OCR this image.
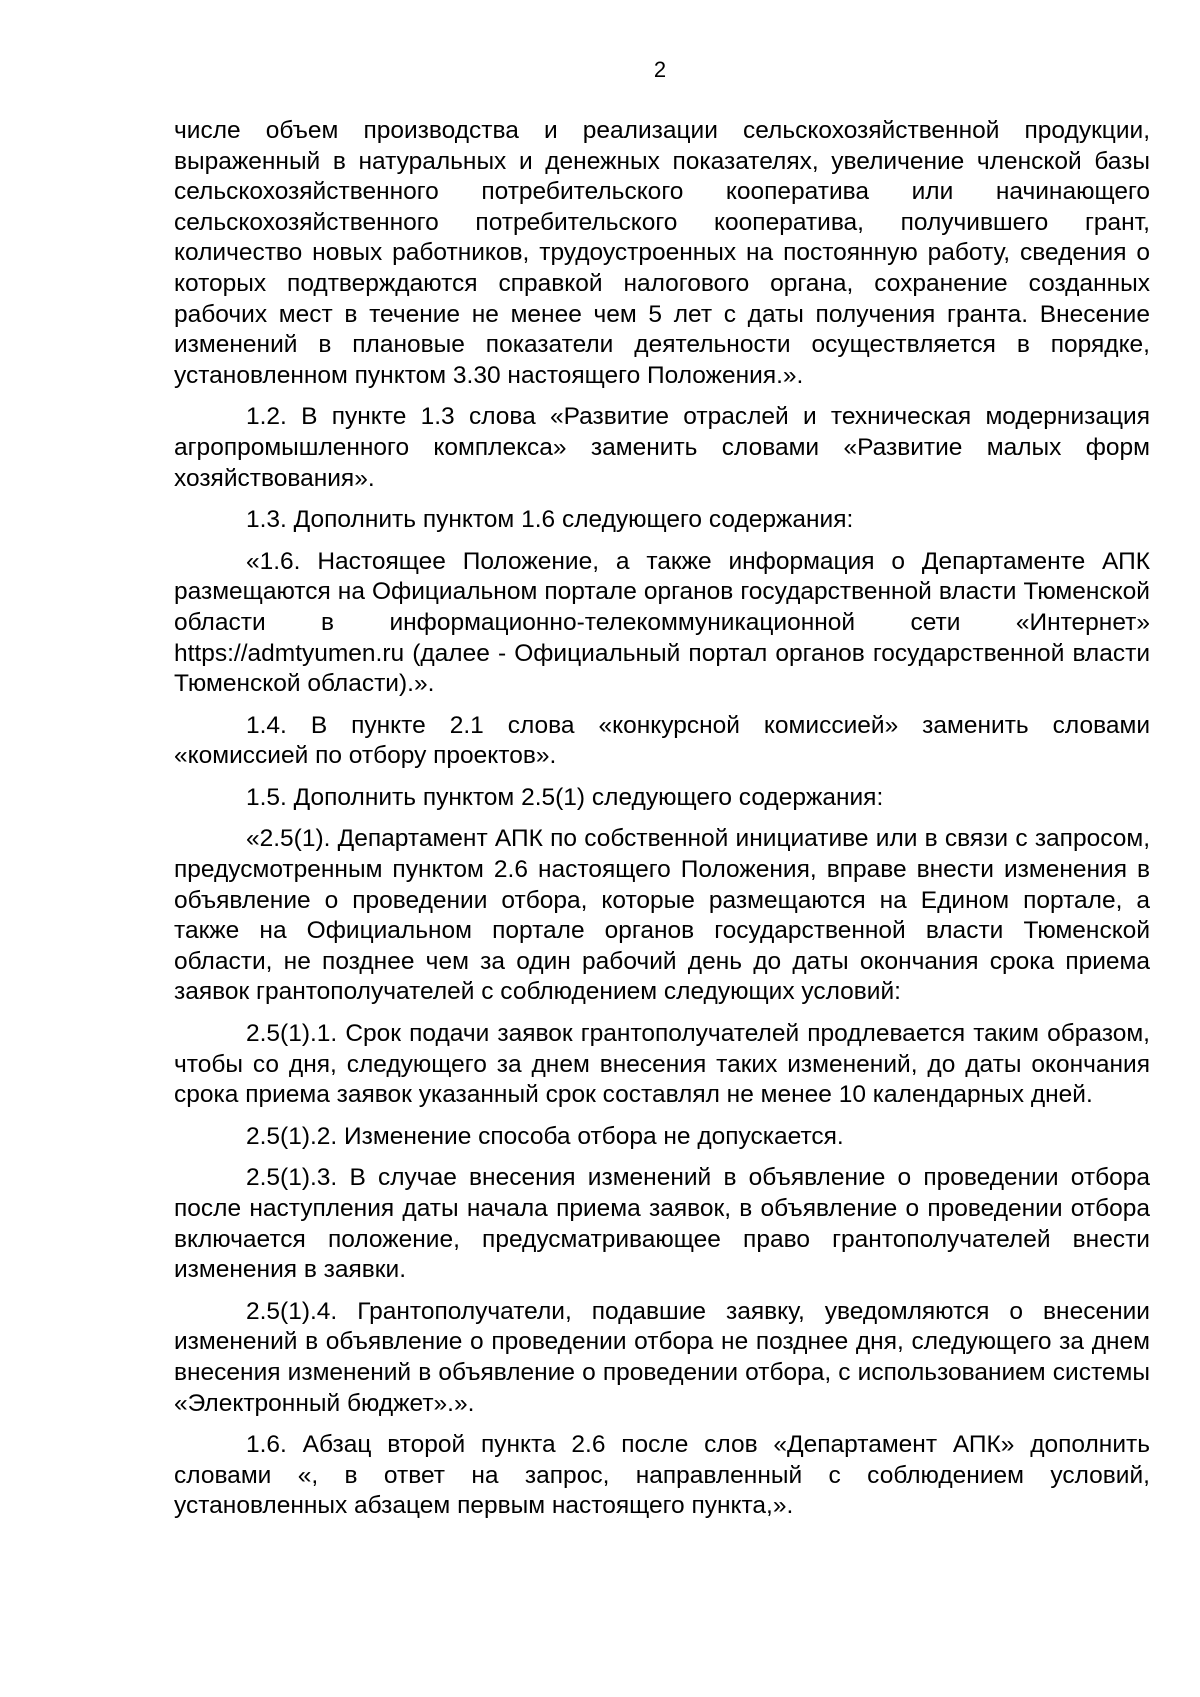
2

числе объем производства и реализации сельскохозяйственной продукции, выраженный в натуральных и денежных показателях, увеличение членской базы сельскохозяйственного потребительского кооператива или начинающего сельскохозяйственного потребительского кооператива, получившего грант, количество новых работников, трудоустроенных на постоянную работу, сведения о которых подтверждаются справкой налогового органа, сохранение созданных рабочих мест в течение не менее чем 5 лет с даты получения гранта. Внесение изменений в плановые показатели деятельности осуществляется в порядке, установленном пунктом 3.30 настоящего Положения.».

1.2. В пункте 1.3 слова «Развитие отраслей и техническая модернизация агропромышленного комплекса» заменить словами «Развитие малых форм хозяйствования».

1.3. Дополнить пунктом 1.6 следующего содержания:

«1.6. Настоящее Положение, а также информация о Департаменте АПК размещаются на Официальном портале органов государственной власти Тюменской области в информационно-телекоммуникационной сети «Интернет» https://admtyumen.ru (далее - Официальный портал органов государственной власти Тюменской области).».

1.4. В пункте 2.1 слова «конкурсной комиссией» заменить словами «комиссией по отбору проектов».

1.5. Дополнить пунктом 2.5(1) следующего содержания:

«2.5(1). Департамент АПК по собственной инициативе или в связи с запросом, предусмотренным пунктом 2.6 настоящего Положения, вправе внести изменения в объявление о проведении отбора, которые размещаются на Едином портале, а также на Официальном портале органов государственной власти Тюменской области, не позднее чем за один рабочий день до даты окончания срока приема заявок грантополучателей с соблюдением следующих условий:

2.5(1).1. Срок подачи заявок грантополучателей продлевается таким образом, чтобы со дня, следующего за днем внесения таких изменений, до даты окончания срока приема заявок указанный срок составлял не менее 10 календарных дней.

2.5(1).2. Изменение способа отбора не допускается.

2.5(1).3. В случае внесения изменений в объявление о проведении отбора после наступления даты начала приема заявок, в объявление о проведении отбора включается положение, предусматривающее право грантополучателей внести изменения в заявки.

2.5(1).4. Грантополучатели, подавшие заявку, уведомляются о внесении изменений в объявление о проведении отбора не позднее дня, следующего за днем внесения изменений в объявление о проведении отбора, с использованием системы «Электронный бюджет».».

1.6. Абзац второй пункта 2.6 после слов «Департамент АПК» дополнить словами «, в ответ на запрос, направленный с соблюдением условий, установленных абзацем первым настоящего пункта,».
